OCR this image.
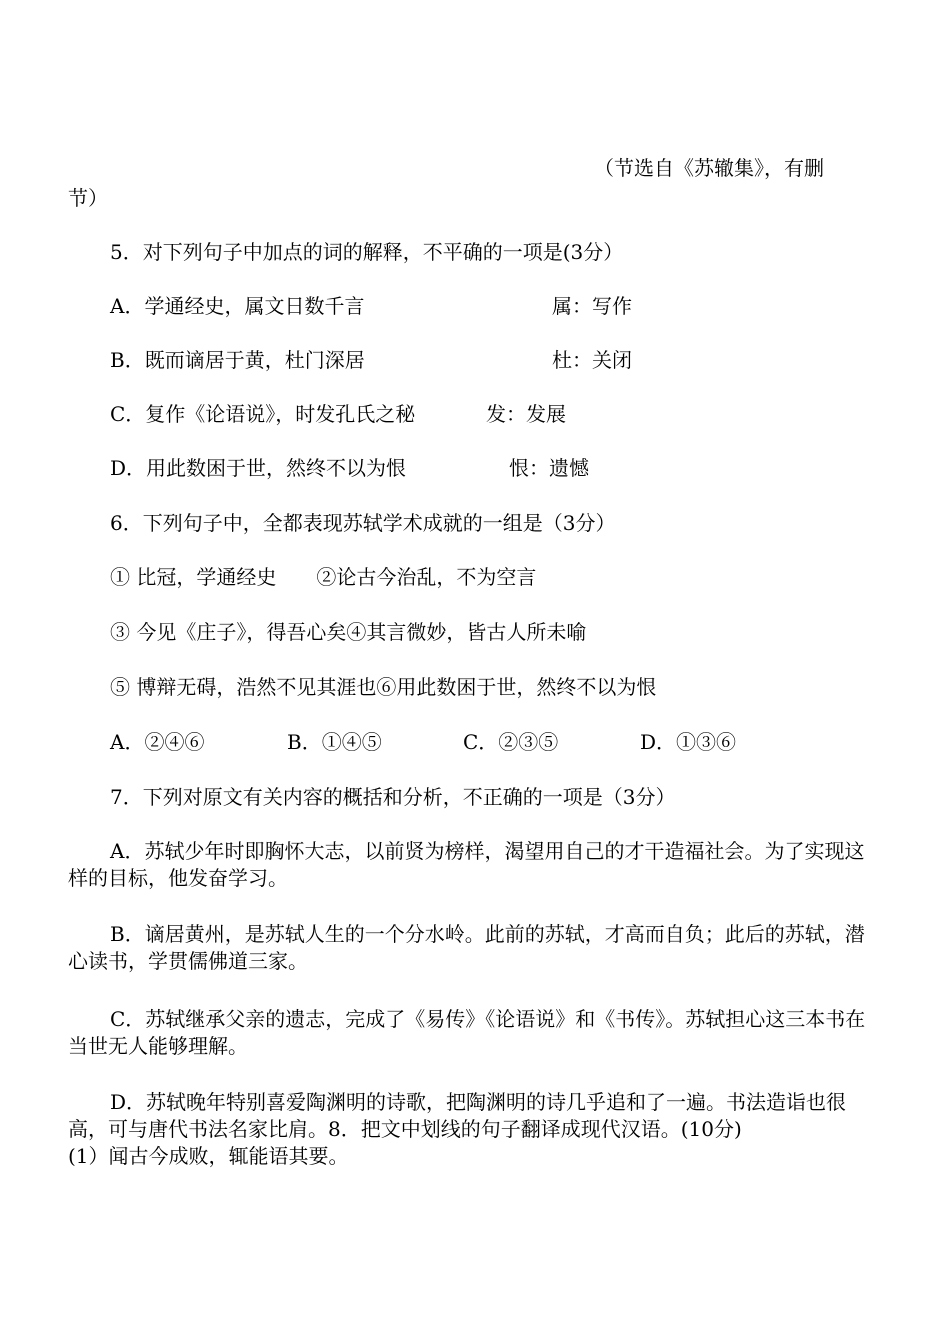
（节选自《苏辙集》，有删
节）
5．对下列句子中加点的词的解释，不平确的一项是(3分）
A．学通经史，属文日数千言	属：写作
B．既而谪居于黄，杜门深居	杜：关闭
C．复作《论语说》，时发孔氏之秘	发：发展
D．用此数困于世，然终不以为恨	恨：遗憾
6．下列句子中，全都表现苏轼学术成就的一组是（3分）
① 比冠，学通经史　　②论古今治乱，不为空言
③ 今见《庄子》，得吾心矣④其言微妙，皆古人所未喻
⑤ 博辩无碍，浩然不见其涯也⑥用此数困于世，然终不以为恨
A．②④⑥	B．①④⑤	C．②③⑤	D．①③⑥
7．下列对原文有关内容的概括和分析，不正确的一项是（3分）
A．苏轼少年时即胸怀大志，以前贤为榜样，渴望用自己的才干造福社会。为了实现这样的目标，他发奋学习。
B．谪居黄州，是苏轼人生的一个分水岭。此前的苏轼，才高而自负；此后的苏轼，潜心读书，学贯儒佛道三家。
C．苏轼继承父亲的遗志，完成了《易传》《论语说》和《书传》。苏轼担心这三本书在当世无人能够理解。
D．苏轼晚年特别喜爱陶渊明的诗歌，把陶渊明的诗几乎追和了一遍。书法造诣也很高，可与唐代书法名家比肩。8．把文中划线的句子翻译成现代汉语。(10分)
(1）闻古今成败，辄能语其要。
